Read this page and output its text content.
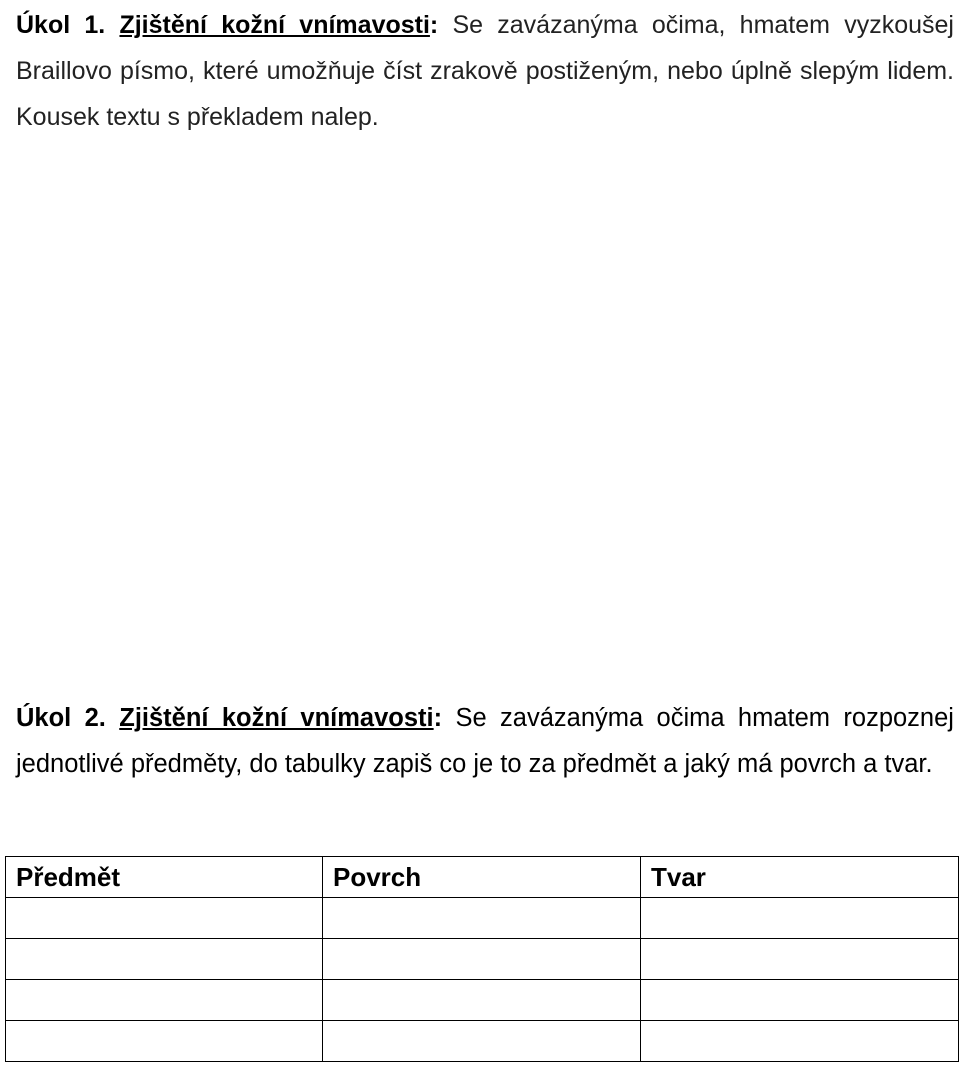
Úkol 1. Zjištění kožní vnímavosti: Se zavázanýma očima, hmatem vyzkoušej Braillovo písmo, které umožňuje číst zrakově postiženým, nebo úplně slepým lidem. Kousek textu s překladem nalep.
Úkol 2. Zjištění kožní vnímavosti: Se zavázanýma očima hmatem rozpoznej jednotlivé předměty, do tabulky zapiš co je to za předmět a jaký má povrch a tvar.
Předmět	Povrch	Tvar
